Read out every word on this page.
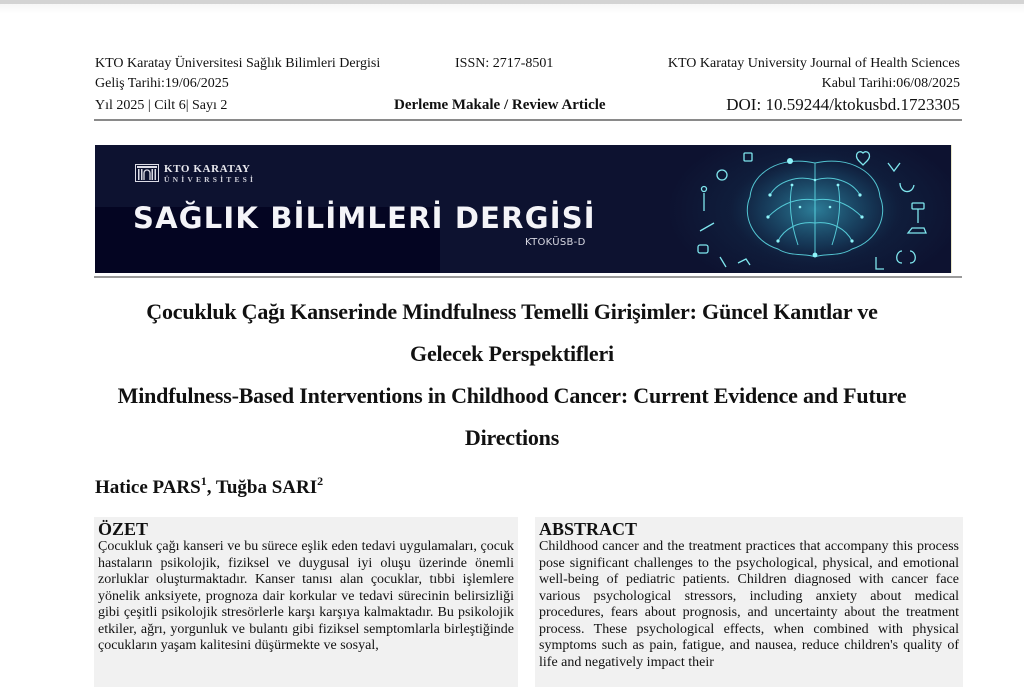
KTO Karatay Üniversitesi Sağlık Bilimleri Dergisi	ISSN: 2717-8501	KTO Karatay University Journal of Health Sciences
Geliş Tarihi:19/06/2025	Kabul Tarihi:06/08/2025
Yıl 2025 | Cilt 6| Sayı 2	Derleme Makale / Review Article	DOI: 10.59244/ktokusbd.1723305
KTO KARATAY
ÜNİVERSİTESİ
SAĞLIK BİLİMLERİ DERGİSİ
KTOKÜSB-D
Çocukluk Çağı Kanserinde Mindfulness Temelli Girişimler: Güncel Kanıtlar ve
Gelecek Perspektifleri
Mindfulness-Based Interventions in Childhood Cancer: Current Evidence and Future
Directions
Hatice PARS$^1$, Tuğba SARI$^2$
ÖZET
Çocukluk çağı kanseri ve bu sürece eşlik eden tedavi uygulamaları, çocuk hastaların psikolojik, fiziksel ve duygusal iyi oluşu üzerinde önemli zorluklar oluşturmaktadır. Kanser tanısı alan çocuklar, tıbbi işlemlere yönelik anksiyete, prognoza dair korkular ve tedavi sürecinin belirsizliği gibi çeşitli psikolojik stresörlerle karşı karşıya kalmaktadır. Bu psikolojik etkiler, ağrı, yorgunluk ve bulantı gibi fiziksel semptomlarla birleştiğinde çocukların yaşam kalitesini düşürmekte ve sosyal,
ABSTRACT
Childhood cancer and the treatment practices that accompany this process pose significant challenges to the psychological, physical, and emotional well-being of pediatric patients. Children diagnosed with cancer face various psychological stressors, including anxiety about medical procedures, fears about prognosis, and uncertainty about the treatment process. These psychological effects, when combined with physical symptoms such as pain, fatigue, and nausea, reduce children's quality of life and negatively impact their
